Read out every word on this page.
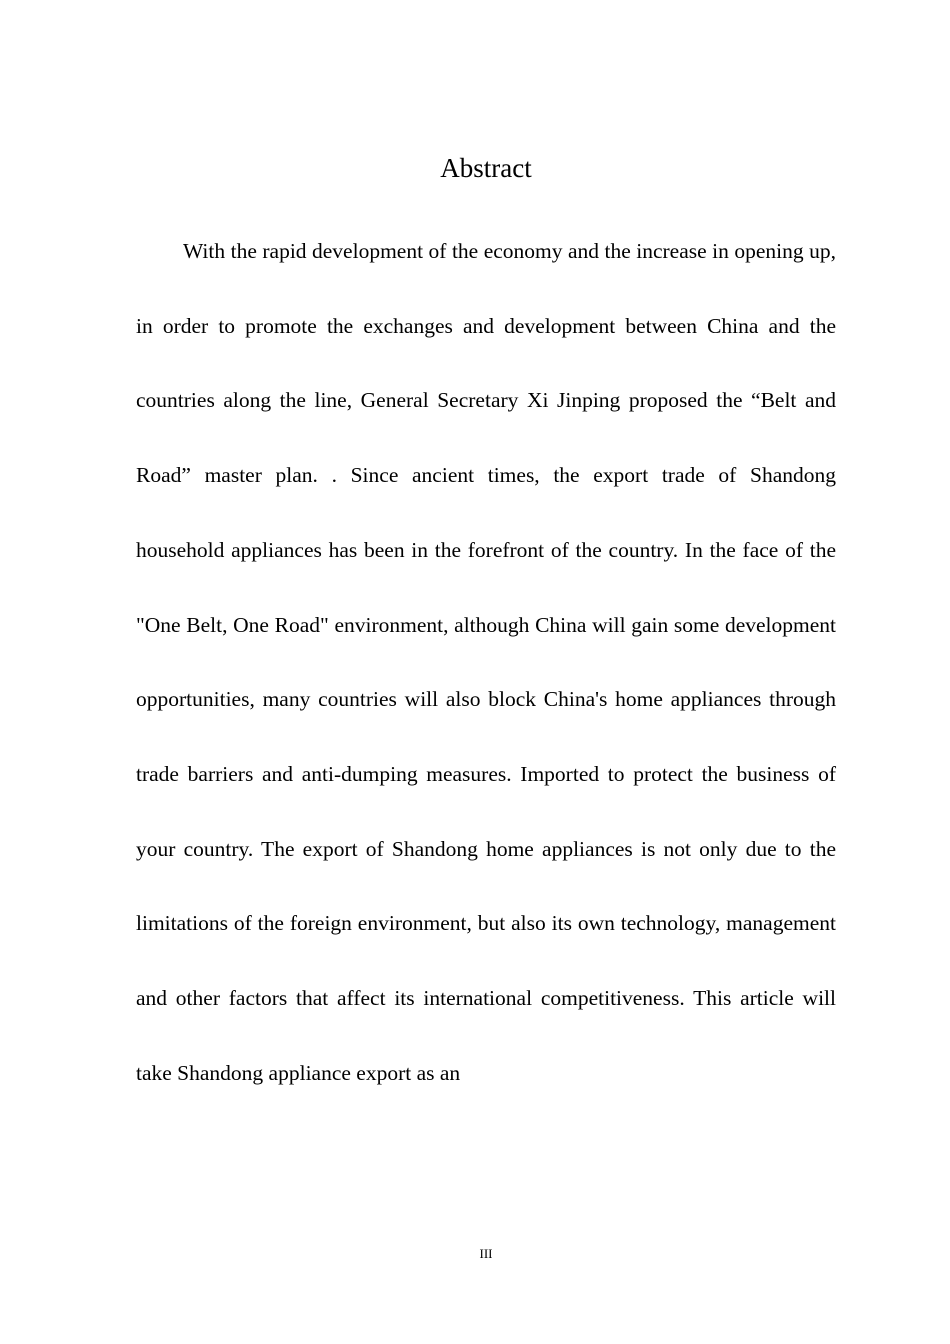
Abstract

With the rapid development of the economy and the increase in opening up, in order to promote the exchanges and development between China and the countries along the line, General Secretary Xi Jinping proposed the “Belt and Road” master plan. . Since ancient times, the export trade of Shandong household appliances has been in the forefront of the country. In the face of the "One Belt, One Road" environment, although China will gain some development opportunities, many countries will also block China's home appliances through trade barriers and anti-dumping measures. Imported to protect the business of your country. The export of Shandong home appliances is not only due to the limitations of the foreign environment, but also its own technology, management and other factors that affect its international competitiveness. This article will take Shandong appliance export as an

III
